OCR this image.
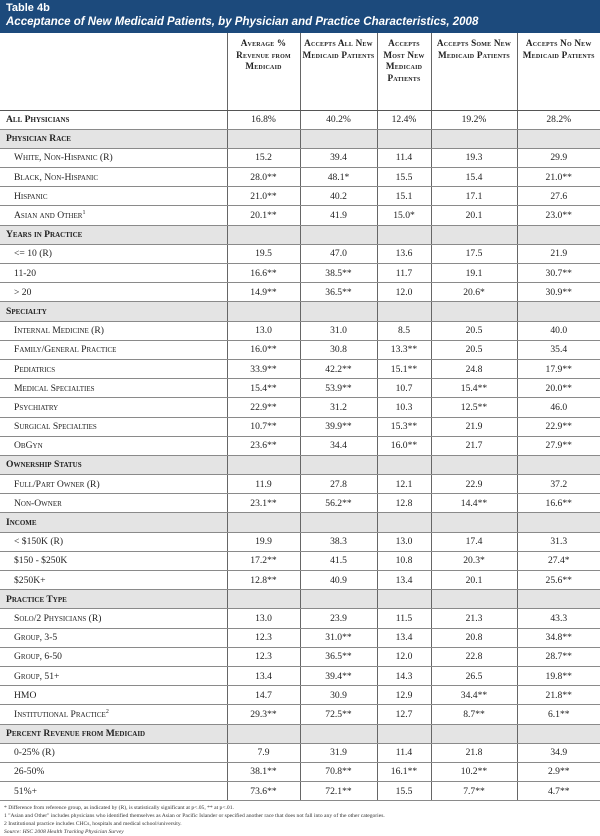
Table 4b
Acceptance of New Medicaid Patients, by Physician and Practice Characteristics, 2008
	Average % Revenue from Medicaid	Accepts All New Medicaid Patients	Accepts Most New Medicaid Patients	Accepts Some New Medicaid Patients	Accepts No New Medicaid Patients
All Physicians	16.8%	40.2%	12.4%	19.2%	28.2%
Physician Race					
White, Non-Hispanic (R)	15.2	39.4	11.4	19.3	29.9
Black, Non-Hispanic	28.0**	48.1*	15.5	15.4	21.0**
Hispanic	21.0**	40.2	15.1	17.1	27.6
Asian and Other$^1$	20.1**	41.9	15.0*	20.1	23.0**
Years in Practice					
<= 10 (R)	19.5	47.0	13.6	17.5	21.9
11-20	16.6**	38.5**	11.7	19.1	30.7**
> 20	14.9**	36.5**	12.0	20.6*	30.9**
Specialty					
Internal Medicine (R)	13.0	31.0	8.5	20.5	40.0
Family/General Practice	16.0**	30.8	13.3**	20.5	35.4
Pediatrics	33.9**	42.2**	15.1**	24.8	17.9**
Medical Specialties	15.4**	53.9**	10.7	15.4**	20.0**
Psychiatry	22.9**	31.2	10.3	12.5**	46.0
Surgical Specialties	10.7**	39.9**	15.3**	21.9	22.9**
ObGyn	23.6**	34.4	16.0**	21.7	27.9**
Ownership Status					
Full/Part Owner (R)	11.9	27.8	12.1	22.9	37.2
Non-Owner	23.1**	56.2**	12.8	14.4**	16.6**
Income					
< $150K (R)	19.9	38.3	13.0	17.4	31.3
$150 - $250K	17.2**	41.5	10.8	20.3*	27.4*
$250K+	12.8**	40.9	13.4	20.1	25.6**
Practice Type					
Solo/2 Physicians (R)	13.0	23.9	11.5	21.3	43.3
Group, 3-5	12.3	31.0**	13.4	20.8	34.8**
Group, 6-50	12.3	36.5**	12.0	22.8	28.7**
Group, 51+	13.4	39.4**	14.3	26.5	19.8**
HMO	14.7	30.9	12.9	34.4**	21.8**
Institutional Practice$^2$	29.3**	72.5**	12.7	8.7**	6.1**
Percent Revenue from Medicaid					
0-25% (R)	7.9	31.9	11.4	21.8	34.9
26-50%	38.1**	70.8**	16.1**	10.2**	2.9**
51%+	73.6**	72.1**	15.5	7.7**	4.7**
* Difference from reference group, as indicated by (R), is statistically significant at p<.05, ** at p<.01.
1 "Asian and Other" includes physicians who identified themselves as Asian or Pacific Islander or specified another race that does not fall into any of the other categories.
2 Institutional practice includes CHCs, hospitals and medical school/university.
Source: HSC 2008 Health Tracking Physician Survey
